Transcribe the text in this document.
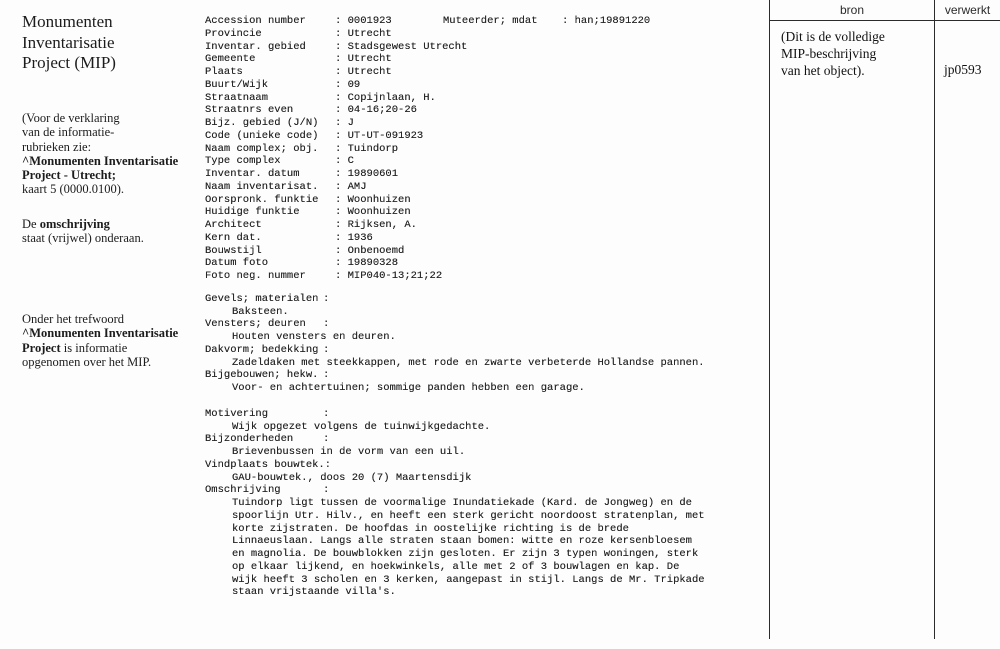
Monumenten
Inventarisatie
Project (MIP)
(Voor de verklaring
van de informatie-
rubrieken zie:
^Monumenten Inventarisatie
Project - Utrecht;
kaart 5 (0000.0100).
De omschrijving
staat (vrijwel) onderaan.
Onder het trefwoord
^Monumenten Inventarisatie
Project is informatie
opgenomen over het MIP.
Muteerder; mdat	: han;19891220
Accession number	: 0001923
Provincie	: Utrecht
Inventar. gebied	: Stadsgewest Utrecht
Gemeente	: Utrecht
Plaats	: Utrecht
Buurt/Wijk	: 09
Straatnaam	: Copijnlaan, H.
Straatnrs even	: 04-16;20-26
Bijz. gebied (J/N)	: J
Code (unieke code)	: UT-UT-091923
Naam complex; obj.	: Tuindorp
Type complex	: C
Inventar. datum	: 19890601
Naam inventarisat.	: AMJ
Oorspronk. funktie	: Woonhuizen
Huidige funktie	: Woonhuizen
Architect	: Rijksen, A.
Kern dat.	: 1936
Bouwstijl	: Onbenoemd
Datum foto	: 19890328
Foto neg. nummer	: MIP040-13;21;22
Gevels; materialen :
Baksteen.
Vensters; deuren	:
Houten vensters en deuren.
Dakvorm; bedekking :
Zadeldaken met steekkappen, met rode en zwarte verbeterde Hollandse pannen.
Bijgebouwen; hekw. :
Voor- en achtertuinen; sommige panden hebben een garage.
Motivering	:
Wijk opgezet volgens de tuinwijkgedachte.
Bijzonderheden	:
Brievenbussen in de vorm van een uil.
Vindplaats bouwtek. :
GAU-bouwtek., doos 20 (7) Maartensdijk
Omschrijving	:
Tuindorp ligt tussen de voormalige Inundatiekade (Kard. de Jongweg) en de
spoorlijn Utr. Hilv., en heeft een sterk gericht noordoost stratenplan, met
korte zijstraten. De hoofdas in oostelijke richting is de brede
Linnaeuslaan. Langs alle straten staan bomen: witte en roze kersenbloesem
en magnolia. De bouwblokken zijn gesloten. Er zijn 3 typen woningen, sterk
op elkaar lijkend, en hoekwinkels, alle met 2 of 3 bouwlagen en kap. De
wijk heeft 3 scholen en 3 kerken, aangepast in stijl. Langs de Mr. Tripkade
staan vrijstaande villa's.
bron	verwerkt
(Dit is de volledige
MIP-beschrijving
van het object).	jp0593
